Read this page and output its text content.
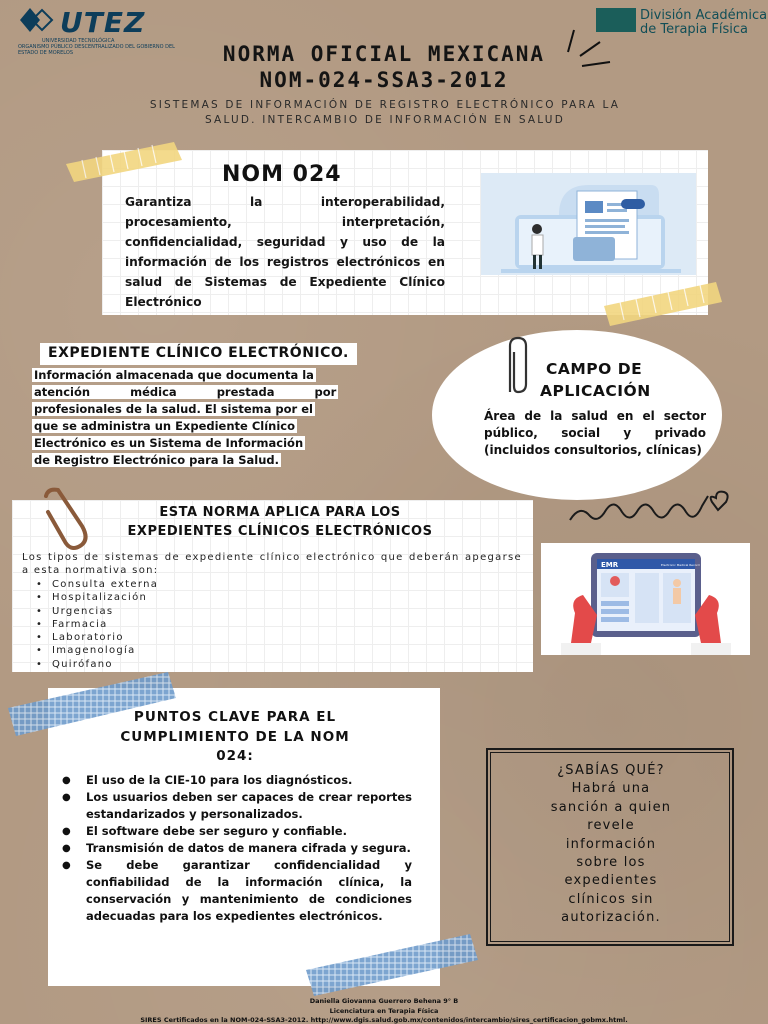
UTEZ
UNIVERSIDAD TECNOLÓGICA
ORGANISMO PÚBLICO DESCENTRALIZADO DEL GOBIERNO DEL ESTADO DE MORELOS
División Académica
de Terapia Física
NORMA OFICIAL MEXICANA
NOM-024-SSA3-2012
SISTEMAS DE INFORMACIÓN DE REGISTRO ELECTRÓNICO PARA LA SALUD. INTERCAMBIO DE INFORMACIÓN EN SALUD
NOM 024
Garantiza la interoperabilidad, procesamiento, interpretación, confidencialidad, seguridad y uso de la información de los registros electrónicos en salud de Sistemas de Expediente Clínico Electrónico
EXPEDIENTE CLÍNICO ELECTRÓNICO.
Información almacenada que documenta la
atención          médica          prestada          por
profesionales de la salud. El sistema por el
que se administra un Expediente Clínico
Electrónico es un Sistema de Información
de Registro Electrónico para la Salud.
CAMPO DE
APLICACIÓN
Área de la salud en el sector público, social y privado (incluidos consultorios, clínicas)
ESTA NORMA APLICA PARA LOS
EXPEDIENTES CLÍNICOS ELECTRÓNICOS
Los tipos de sistemas de expediente clínico electrónico que deberán apegarse a esta normativa son:
• Consulta externa
• Hospitalización
• Urgencias
• Farmacia
• Laboratorio
• Imagenología
• Quirófano
EMR	Electronic Medical Record
PUNTOS CLAVE PARA EL
CUMPLIMIENTO DE LA NOM
024:
● El uso de la CIE-10 para los diagnósticos.
● Los usuarios deben ser capaces de crear reportes estandarizados y personalizados.
● El software debe ser seguro y confiable.
● Transmisión de datos de manera cifrada y segura.
● Se debe garantizar confidencialidad y confiabilidad de la información clínica, la conservación y mantenimiento de condiciones adecuadas para los expedientes electrónicos.
¿SABÍAS QUÉ?
Habrá una
sanción a quien
revele
información
sobre los
expedientes
clínicos sin
autorización.
Daniella Giovanna Guerrero Behena 9° B
Licenciatura en Terapia Física
SIRES Certificados en la NOM-024-SSA3-2012. http://www.dgis.salud.gob.mx/contenidos/intercambio/sires_certificacion_gobmx.html.
